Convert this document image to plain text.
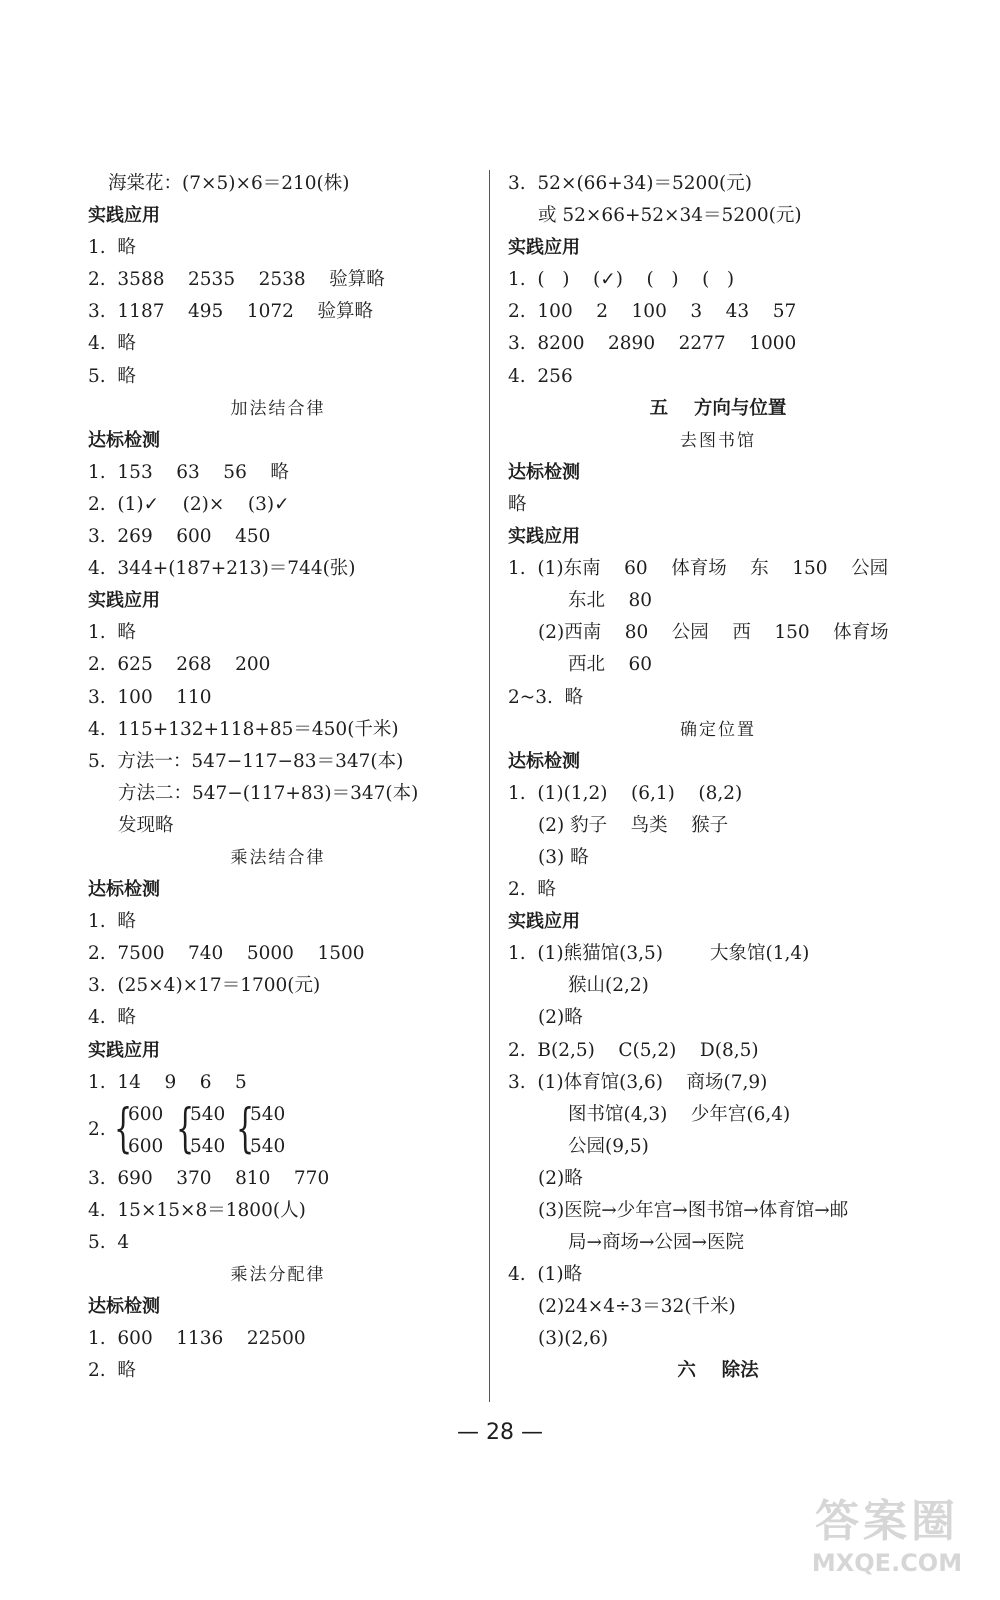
海棠花：(7×5)×6＝210(株)
实践应用
1.  略
2.  3588    2535    2538    验算略
3.  1187    495    1072    验算略
4.  略
5.  略
加法结合律
达标检测
1.  153    63    56    略
2.  (1)✓    (2)×    (3)✓
3.  269    600    450
4.  344+(187+213)＝744(张)
实践应用
1.  略
2.  625    268    200
3.  100    110
4.  115+132+118+85＝450(千米)
5.  方法一：547−117−83＝347(本)
方法二：547−(117+83)＝347(本)
发现略
乘法结合律
达标检测
1.  略
2.  7500    740    5000    1500
3.  (25×4)×17＝1700(元)
4.  略
实践应用
1.  14    9    6    5
2. {
600
600 {
540
540 {
540
540
3.  690    370    810    770
4.  15×15×8＝1800(人)
5.  4
乘法分配律
达标检测
1.  600    1136    22500
2.  略
3.  52×(66+34)＝5200(元)
或 52×66+52×34＝5200(元)
实践应用
1.  (   )    (✓)    (   )    (   )
2.  100    2    100    3    43    57
3.  8200    2890    2277    1000
4.  256
五    方向与位置
去图书馆
达标检测
略
实践应用
1.  (1)东南    60    体育场    东    150    公园
东北    80
(2)西南    80    公园    西    150    体育场
西北    60
2~3.  略
确定位置
达标检测
1.  (1)(1,2)    (6,1)    (8,2)
(2) 豹子    鸟类    猴子
(3) 略
2.  略
实践应用
1.  (1)熊猫馆(3,5)        大象馆(1,4)
猴山(2,2)
(2)略
2.  B(2,5)    C(5,2)    D(8,5)
3.  (1)体育馆(3,6)    商场(7,9)
图书馆(4,3)    少年宫(6,4)
公园(9,5)
(2)略
(3)医院→少年宫→图书馆→体育馆→邮
局→商场→公园→医院
4.  (1)略
(2)24×4÷3＝32(千米)
(3)(2,6)
六    除法
— 28 —
答案圈
MXQE.COM
